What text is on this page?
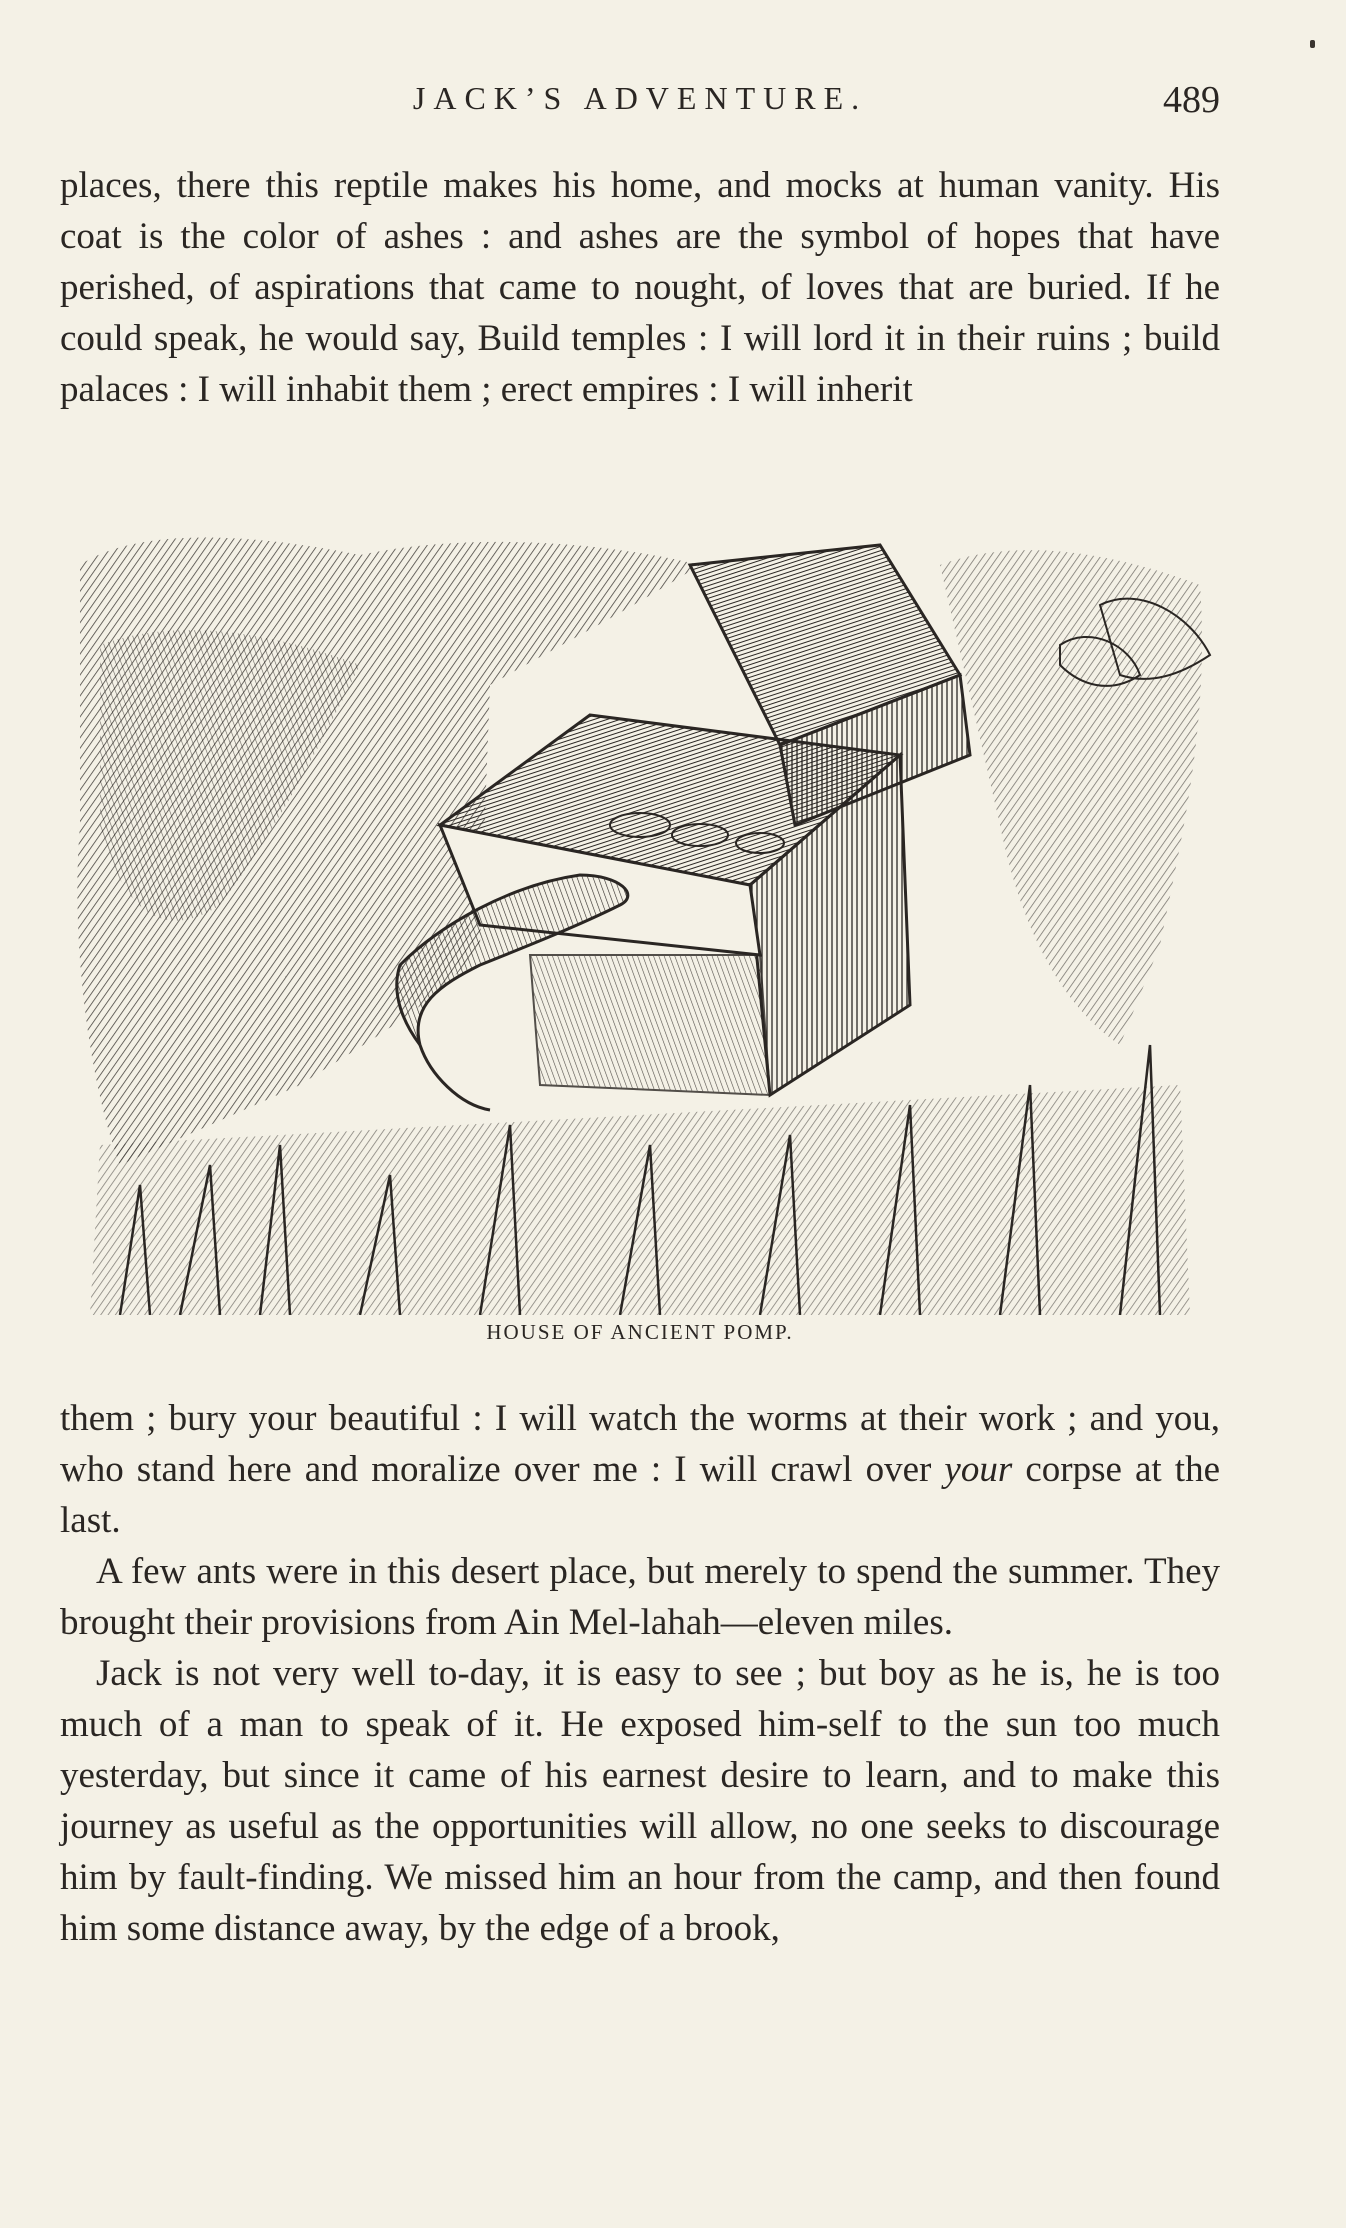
JACK’S ADVENTURE.	489

places, there this reptile makes his home, and mocks at human vanity. His coat is the color of ashes : and ashes are the symbol of hopes that have perished, of aspirations that came to nought, of loves that are buried. If he could speak, he would say, Build temples : I will lord it in their ruins ; build palaces : I will inhabit them ; erect empires : I will inherit

HOUSE OF ANCIENT POMP.

them ; bury your beautiful : I will watch the worms at their work ; and you, who stand here and moralize over me : I will crawl over your corpse at the last.

A few ants were in this desert place, but merely to spend the summer. They brought their provisions from Ain Mel-lahah—eleven miles.

Jack is not very well to-day, it is easy to see ; but boy as he is, he is too much of a man to speak of it. He exposed him-self to the sun too much yesterday, but since it came of his earnest desire to learn, and to make this journey as useful as the opportunities will allow, no one seeks to discourage him by fault-finding. We missed him an hour from the camp, and then found him some distance away, by the edge of a brook,
